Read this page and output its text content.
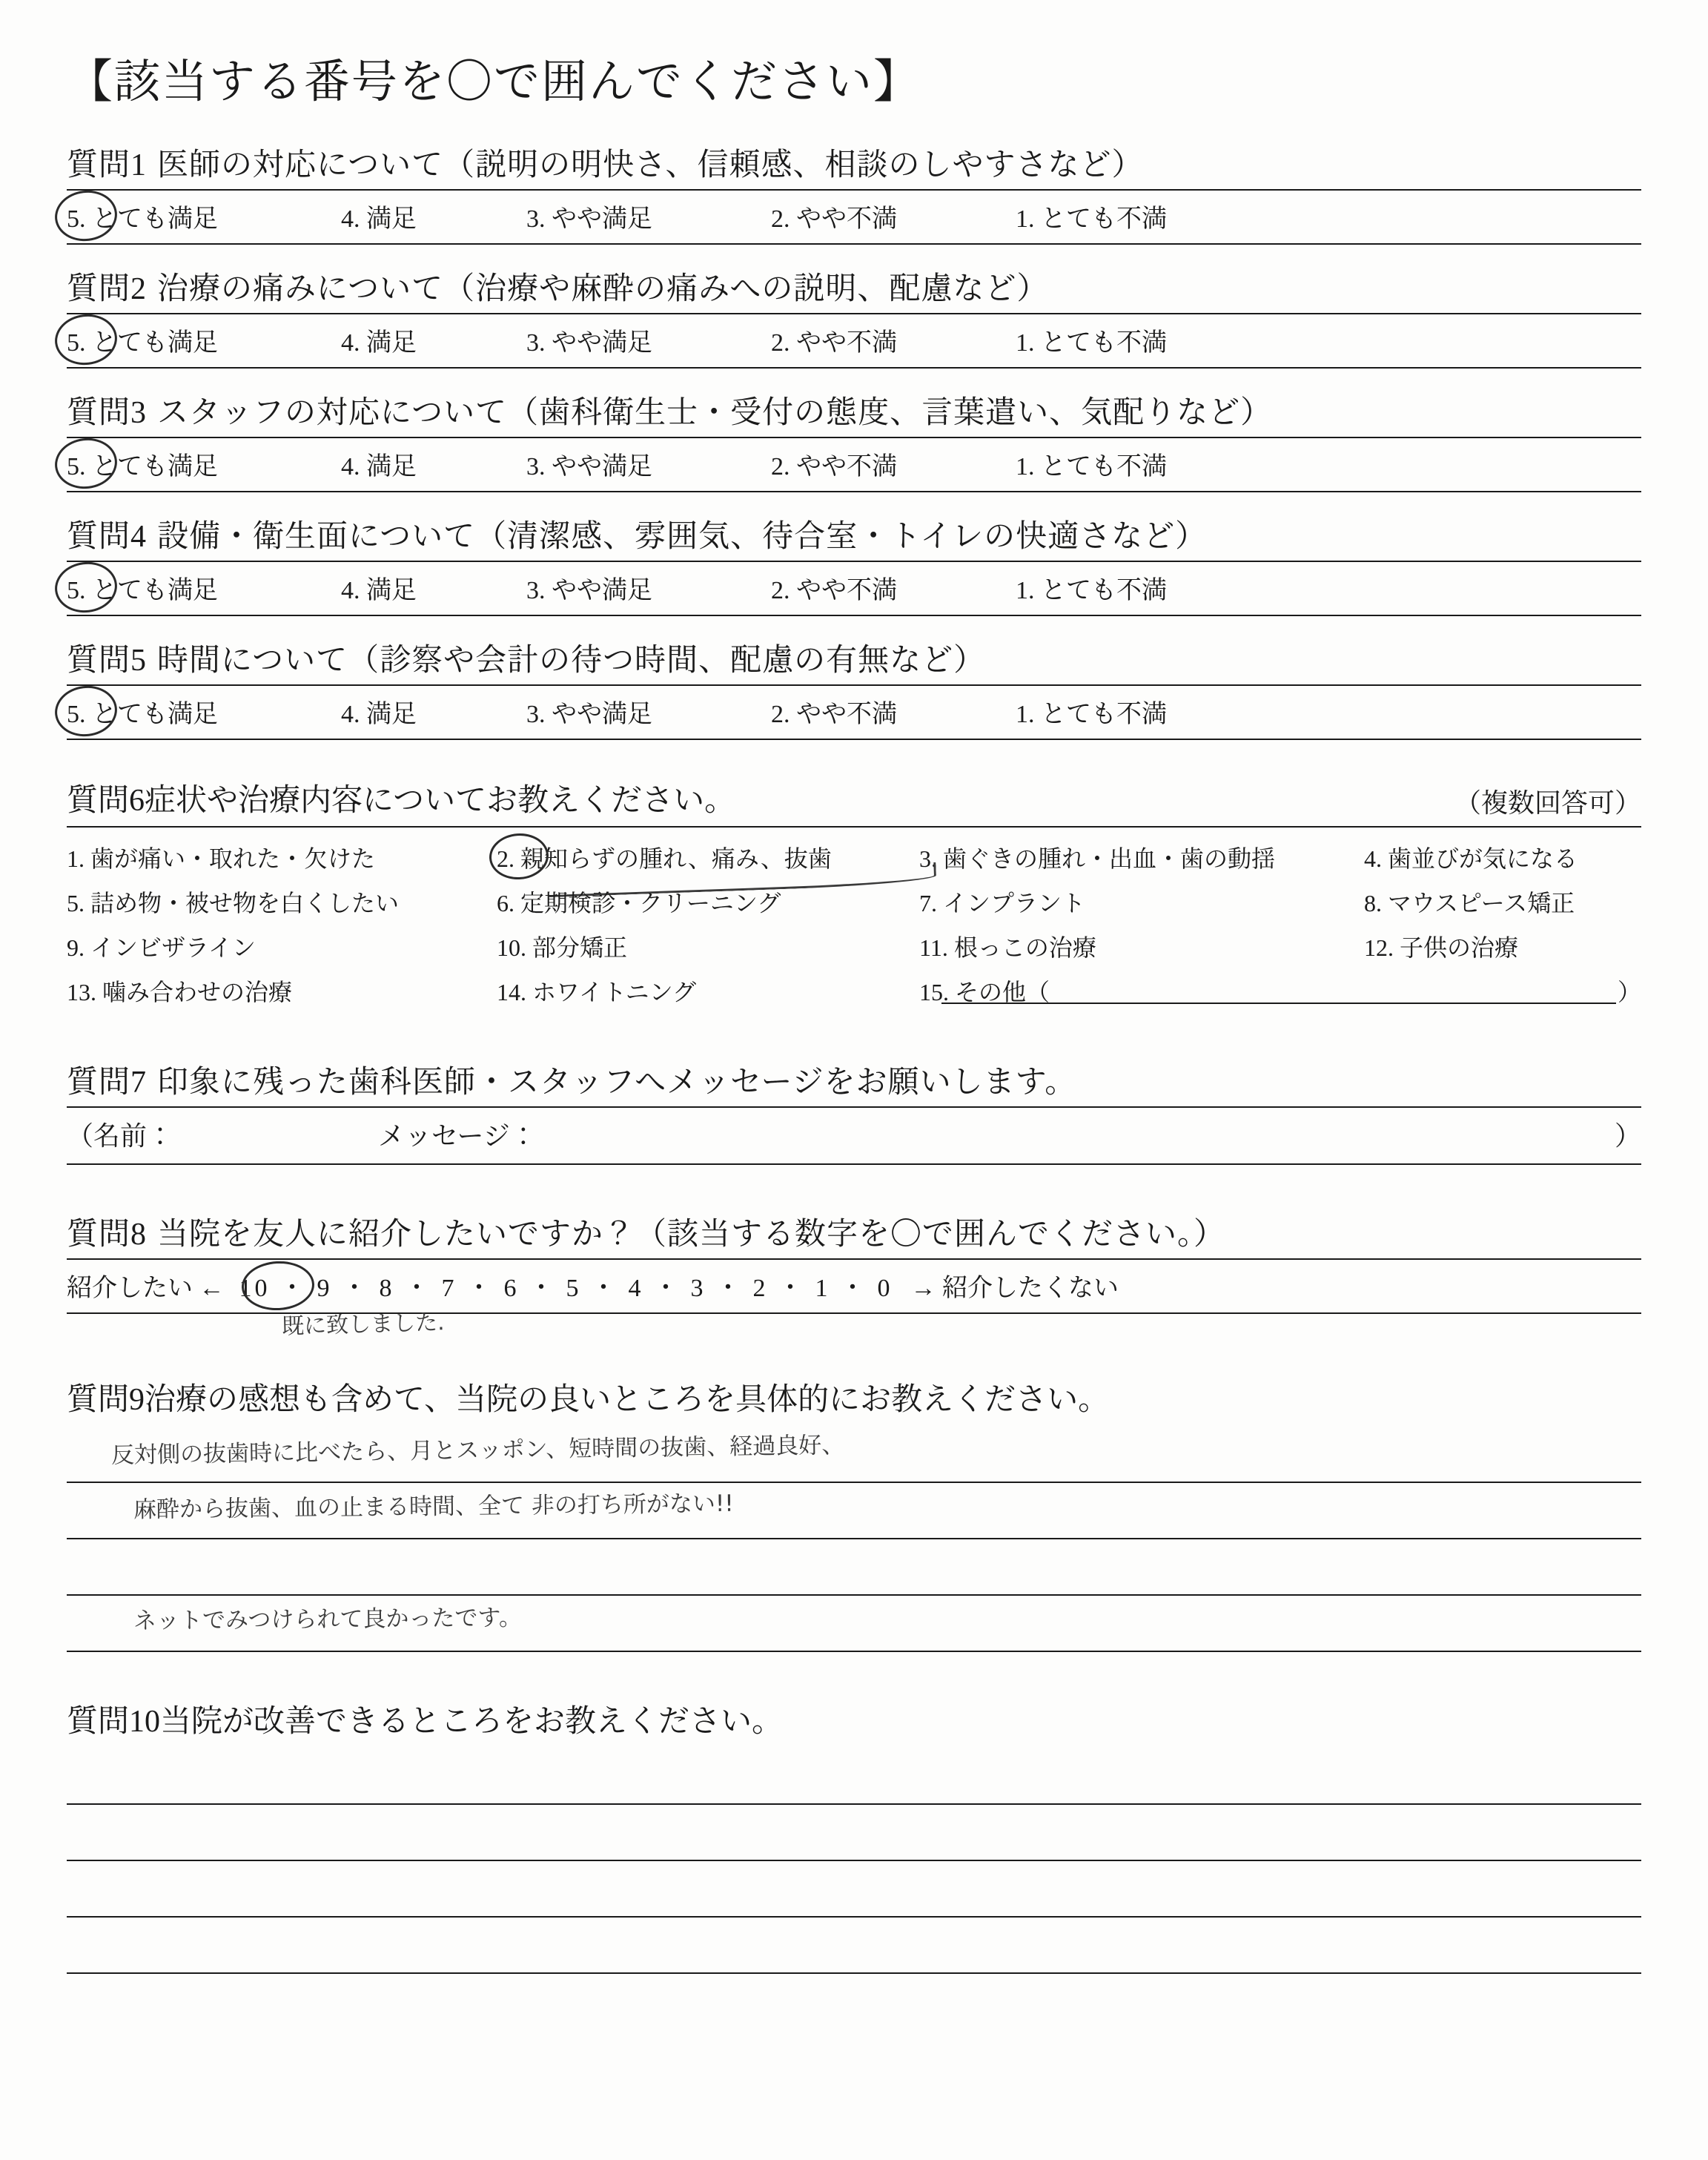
【該当する番号を〇で囲んでください】
質問1 医師の対応について（説明の明快さ、信頼感、相談のしやすさなど）
5. とても満足	4. 満足	3. やや満足	2. やや不満	1. とても不満
質問2 治療の痛みについて（治療や麻酔の痛みへの説明、配慮など）
5. とても満足	4. 満足	3. やや満足	2. やや不満	1. とても不満
質問3 スタッフの対応について（歯科衛生士・受付の態度、言葉遣い、気配りなど）
5. とても満足	4. 満足	3. やや満足	2. やや不満	1. とても不満
質問4 設備・衛生面について（清潔感、雰囲気、待合室・トイレの快適さなど）
5. とても満足	4. 満足	3. やや満足	2. やや不満	1. とても不満
質問5 時間について（診察や会計の待つ時間、配慮の有無など）
5. とても満足	4. 満足	3. やや満足	2. やや不満	1. とても不満
質問6症状や治療内容についてお教えください。	（複数回答可）
1. 歯が痛い・取れた・欠けた	2. 親知らずの腫れ、痛み、抜歯	3. 歯ぐきの腫れ・出血・歯の動揺	4. 歯並びが気になる
5. 詰め物・被せ物を白くしたい	6. 定期検診・クリーニング	7. インプラント	8. マウスピース矯正
9. インビザライン	10. 部分矯正	11. 根っこの治療	12. 子供の治療
13. 噛み合わせの治療	14. ホワイトニング	15. その他（	）
質問7 印象に残った歯科医師・スタッフへメッセージをお願いします。
（名前：	メッセージ：	）
質問8 当院を友人に紹介したいですか？（該当する数字を〇で囲んでください。）
紹介したい ← 10 ・ 9 ・ 8 ・ 7 ・ 6 ・ 5 ・ 4 ・ 3 ・ 2 ・ 1 ・ 0 → 紹介したくない
既に致しました.
質問9治療の感想も含めて、当院の良いところを具体的にお教えください。
反対側の抜歯時に比べたら、月とスッポン、短時間の抜歯、経過良好、
麻酔から抜歯、血の止まる時間、全て 非の打ち所がない!!
ネットでみつけられて良かったです。
質問10当院が改善できるところをお教えください。
